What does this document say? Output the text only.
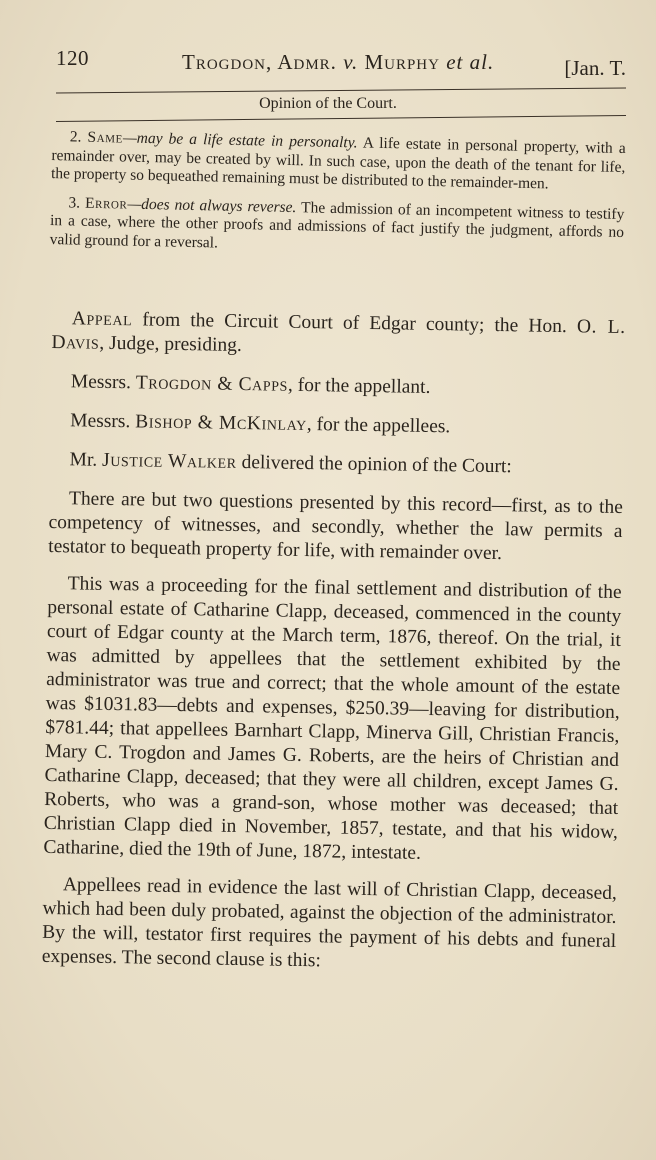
120	Trogdon, Admr. v. Murphy et al.	[Jan. T.
Opinion of the Court.

2. Same—may be a life estate in personalty. A life estate in personal property, with a remainder over, may be created by will. In such case, upon the death of the tenant for life, the property so bequeathed remaining must be distributed to the remainder-men.

3. Error—does not always reverse. The admission of an incompetent witness to testify in a case, where the other proofs and admissions of fact justify the judgment, affords no valid ground for a reversal.

Appeal from the Circuit Court of Edgar county; the Hon. O. L. Davis, Judge, presiding.

Messrs. Trogdon & Capps, for the appellant.

Messrs. Bishop & McKinlay, for the appellees.

Mr. Justice Walker delivered the opinion of the Court:

There are but two questions presented by this record—first, as to the competency of witnesses, and secondly, whether the law permits a testator to bequeath property for life, with remainder over.

This was a proceeding for the final settlement and distribution of the personal estate of Catharine Clapp, deceased, commenced in the county court of Edgar county at the March term, 1876, thereof. On the trial, it was admitted by appellees that the settlement exhibited by the administrator was true and correct; that the whole amount of the estate was $1031.83—debts and expenses, $250.39—leaving for distribution, $781.44; that appellees Barnhart Clapp, Minerva Gill, Christian Francis, Mary C. Trogdon and James G. Roberts, are the heirs of Christian and Catharine Clapp, deceased; that they were all children, except James G. Roberts, who was a grand-son, whose mother was deceased; that Christian Clapp died in November, 1857, testate, and that his widow, Catharine, died the 19th of June, 1872, intestate.

Appellees read in evidence the last will of Christian Clapp, deceased, which had been duly probated, against the objection of the administrator. By the will, testator first requires the payment of his debts and funeral expenses. The second clause is this:
